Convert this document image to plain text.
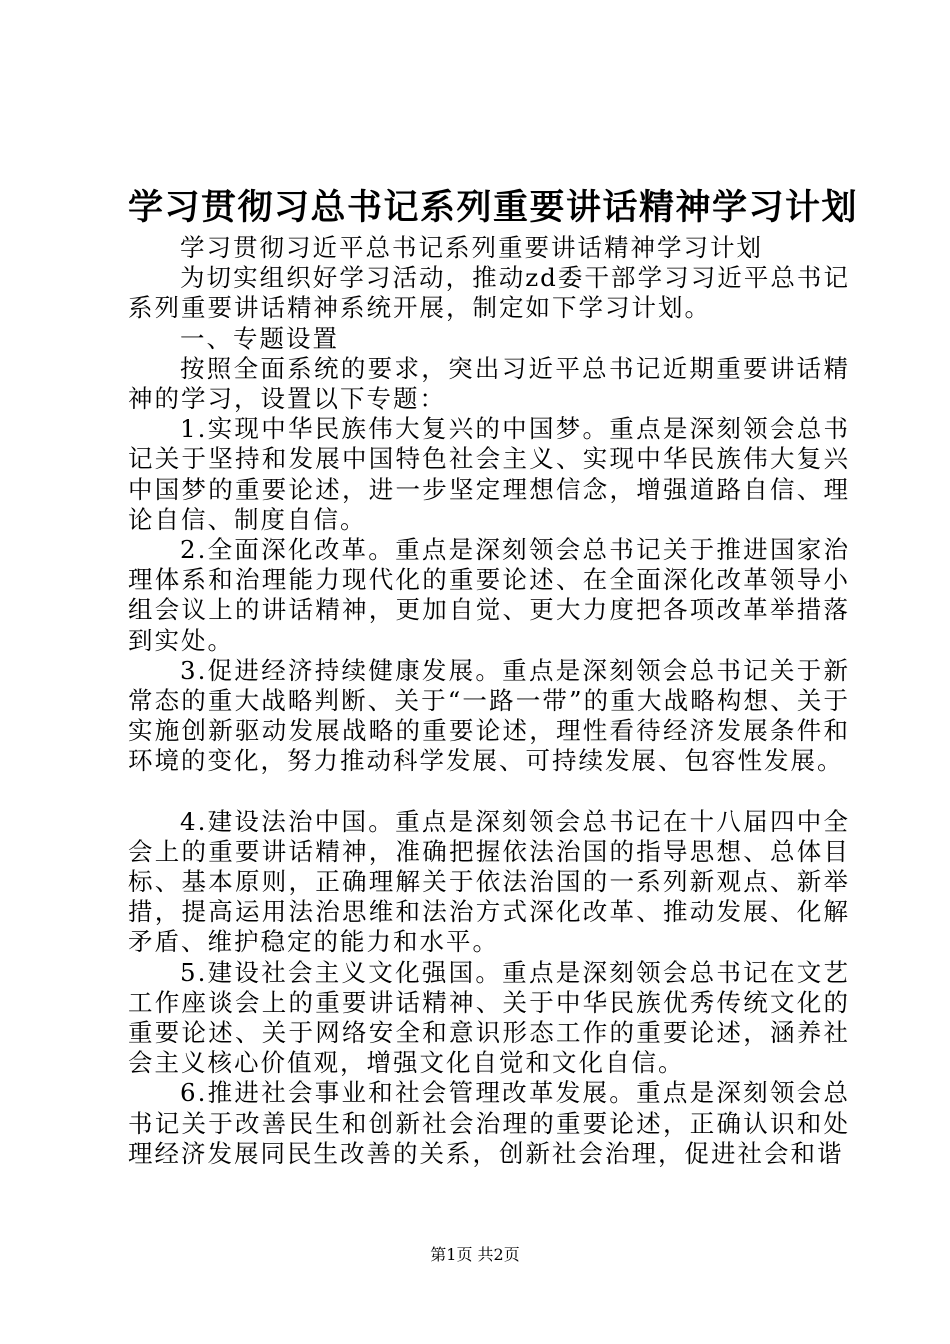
学习贯彻习总书记系列重要讲话精神学习计划

学习贯彻习近平总书记系列重要讲话精神学习计划

为切实组织好学习活动，推动zd委干部学习习近平总书记系列重要讲话精神系统开展，制定如下学习计划。

一、专题设置

按照全面系统的要求，突出习近平总书记近期重要讲话精神的学习，设置以下专题：

1.实现中华民族伟大复兴的中国梦。重点是深刻领会总书记关于坚持和发展中国特色社会主义、实现中华民族伟大复兴中国梦的重要论述，进一步坚定理想信念，增强道路自信、理论自信、制度自信。

2.全面深化改革。重点是深刻领会总书记关于推进国家治理体系和治理能力现代化的重要论述、在全面深化改革领导小组会议上的讲话精神，更加自觉、更大力度把各项改革举措落到实处。

3.促进经济持续健康发展。重点是深刻领会总书记关于新常态的重大战略判断、关于“一路一带”的重大战略构想、关于实施创新驱动发展战略的重要论述，理性看待经济发展条件和环境的变化，努力推动科学发展、可持续发展、包容性发展。

4.建设法治中国。重点是深刻领会总书记在十八届四中全会上的重要讲话精神，准确把握依法治国的指导思想、总体目标、基本原则，正确理解关于依法治国的一系列新观点、新举措，提高运用法治思维和法治方式深化改革、推动发展、化解矛盾、维护稳定的能力和水平。

5.建设社会主义文化强国。重点是深刻领会总书记在文艺工作座谈会上的重要讲话精神、关于中华民族优秀传统文化的重要论述、关于网络安全和意识形态工作的重要论述，涵养社会主义核心价值观，增强文化自觉和文化自信。

6.推进社会事业和社会管理改革发展。重点是深刻领会总书记关于改善民生和创新社会治理的重要论述，正确认识和处理经济发展同民生改善的关系，创新社会治理，促进社会和谐

第1页 共2页
